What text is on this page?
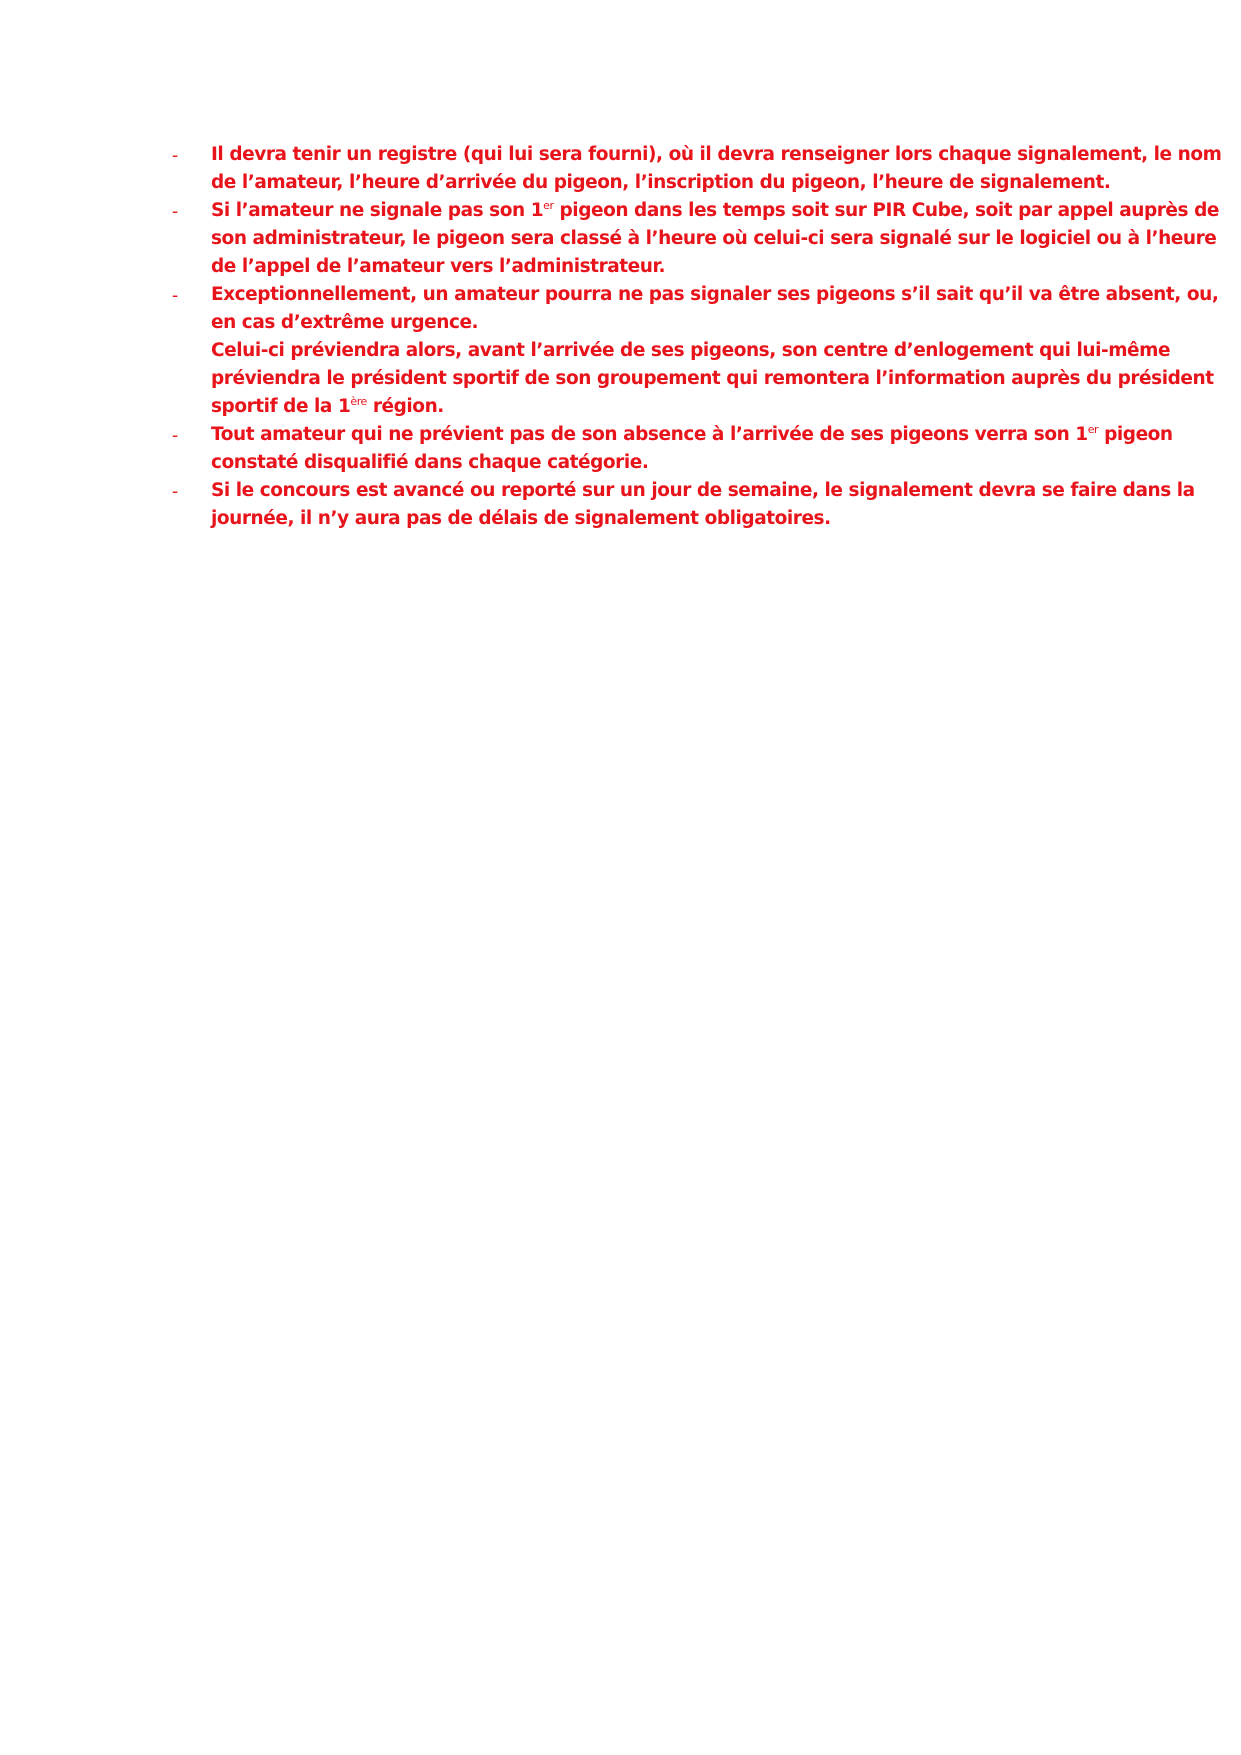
- Il devra tenir un registre (qui lui sera fourni), où il devra renseigner lors chaque signalement, le nom
de l’amateur, l’heure d’arrivée du pigeon, l’inscription du pigeon, l’heure de signalement.
- Si l’amateur ne signale pas son 1er pigeon dans les temps soit sur PIR Cube, soit par appel auprès de
son administrateur, le pigeon sera classé à l’heure où celui-ci sera signalé sur le logiciel ou à l’heure
de l’appel de l’amateur vers l’administrateur.
- Exceptionnellement, un amateur pourra ne pas signaler ses pigeons s’il sait qu’il va être absent, ou,
en cas d’extrême urgence.
Celui-ci préviendra alors, avant l’arrivée de ses pigeons, son centre d’enlogement qui lui-même
préviendra le président sportif de son groupement qui remontera l’information auprès du président
sportif de la 1ère région.
- Tout amateur qui ne prévient pas de son absence à l’arrivée de ses pigeons verra son 1er pigeon
constaté disqualifié dans chaque catégorie.
- Si le concours est avancé ou reporté sur un jour de semaine, le signalement devra se faire dans la
journée, il n’y aura pas de délais de signalement obligatoires.
